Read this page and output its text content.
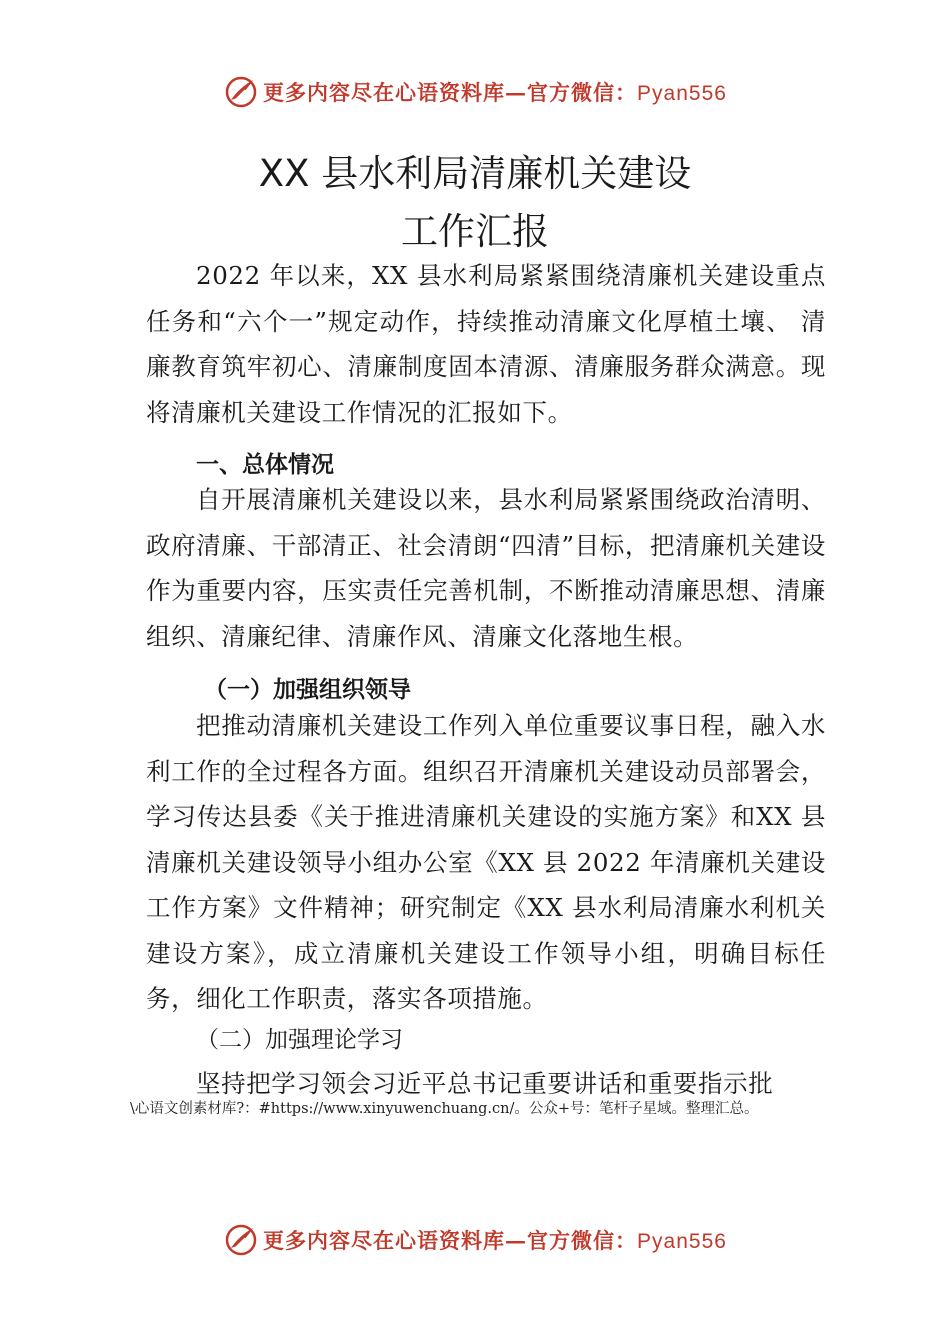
更多内容尽在心语资料库—官方微信：Pyan556
XX 县水利局清廉机关建设
工作汇报
2022 年以来，XX 县水利局紧紧围绕清廉机关建设重点任务和“六个一”规定动作，持续推动清廉文化厚植土壤、 清廉教育筑牢初心、清廉制度固本清源、清廉服务群众满意。现将清廉机关建设工作情况的汇报如下。
一、总体情况
自开展清廉机关建设以来，县水利局紧紧围绕政治清明、政府清廉、干部清正、社会清朗“四清”目标，把清廉机关建设作为重要内容，压实责任完善机制，不断推动清廉思想、清廉组织、清廉纪律、清廉作风、清廉文化落地生根。
（一）加强组织领导
把推动清廉机关建设工作列入单位重要议事日程，融入水利工作的全过程各方面。组织召开清廉机关建设动员部署会，学习传达县委《关于推进清廉机关建设的实施方案》和XX 县清廉机关建设领导小组办公室《XX 县 2022 年清廉机关建设工作方案》文件精神；研究制定《XX 县水利局清廉水利机关建设方案》，成立清廉机关建设工作领导小组，明确目标任务，细化工作职责，落实各项措施。
（二）加强理论学习
坚持把学习领会习近平总书记重要讲话和重要指示批
\心语文创素材库?：#https://www.xinyuwenchuang.cn/。公众+号：笔杆子星域。整理汇总。
更多内容尽在心语资料库—官方微信：Pyan556
